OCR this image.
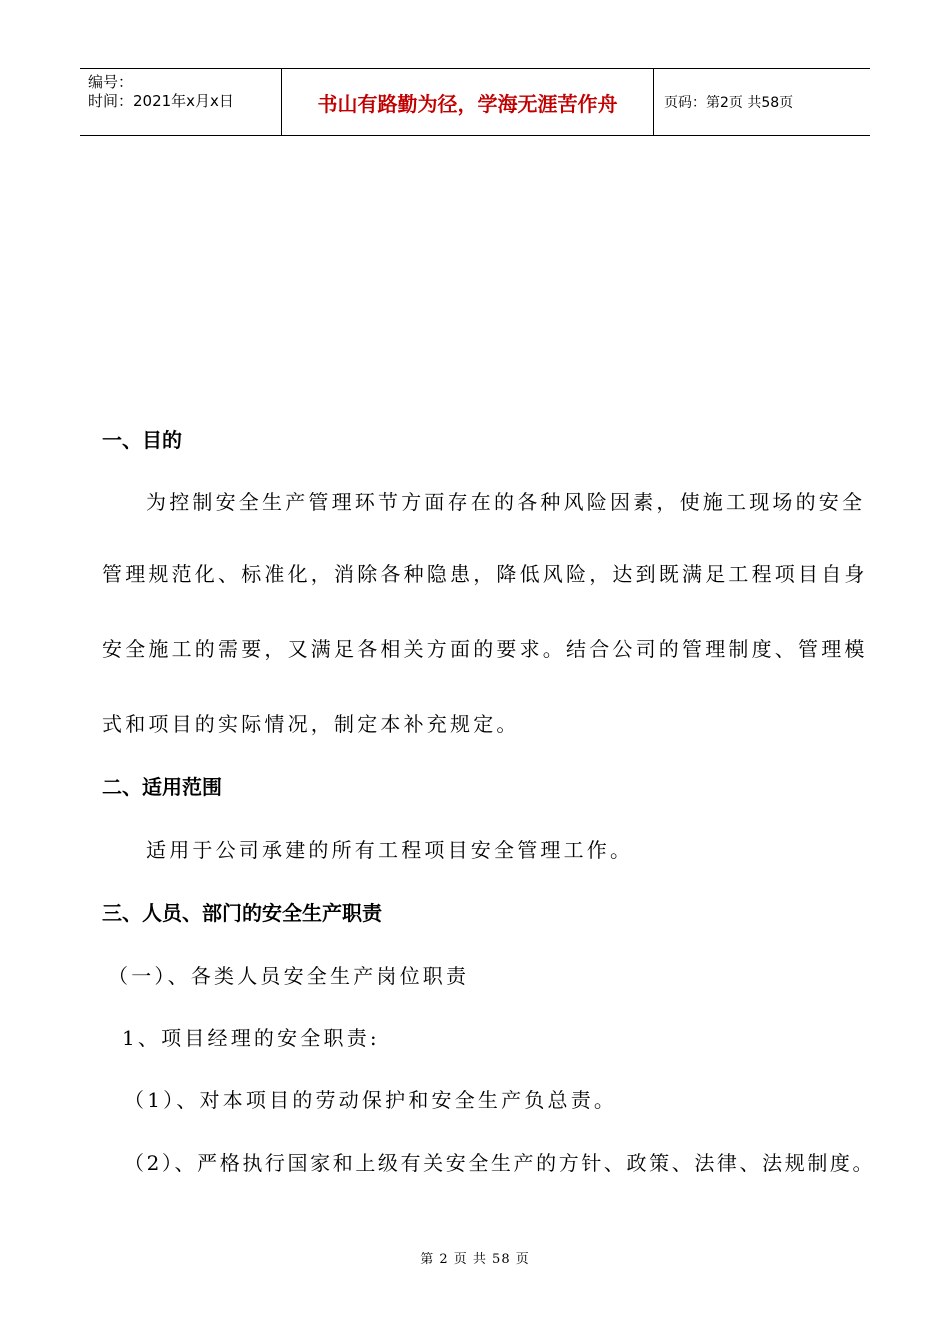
编号：
时间：2021年x月x日	书山有路勤为径，学海无涯苦作舟	页码：第2页 共58页
一、目的
为控制安全生产管理环节方面存在的各种风险因素，使施工现场的安全
管理规范化、标准化，消除各种隐患，降低风险，达到既满足工程项目自身
安全施工的需要，又满足各相关方面的要求。结合公司的管理制度、管理模
式和项目的实际情况，制定本补充规定。
二、适用范围
适用于公司承建的所有工程项目安全管理工作。
三、人员、部门的安全生产职责
（一）、各类人员安全生产岗位职责
1、项目经理的安全职责:
（1）、对本项目的劳动保护和安全生产负总责。
（2）、严格执行国家和上级有关安全生产的方针、政策、法律、法规制度。
第 2 页 共 58 页
